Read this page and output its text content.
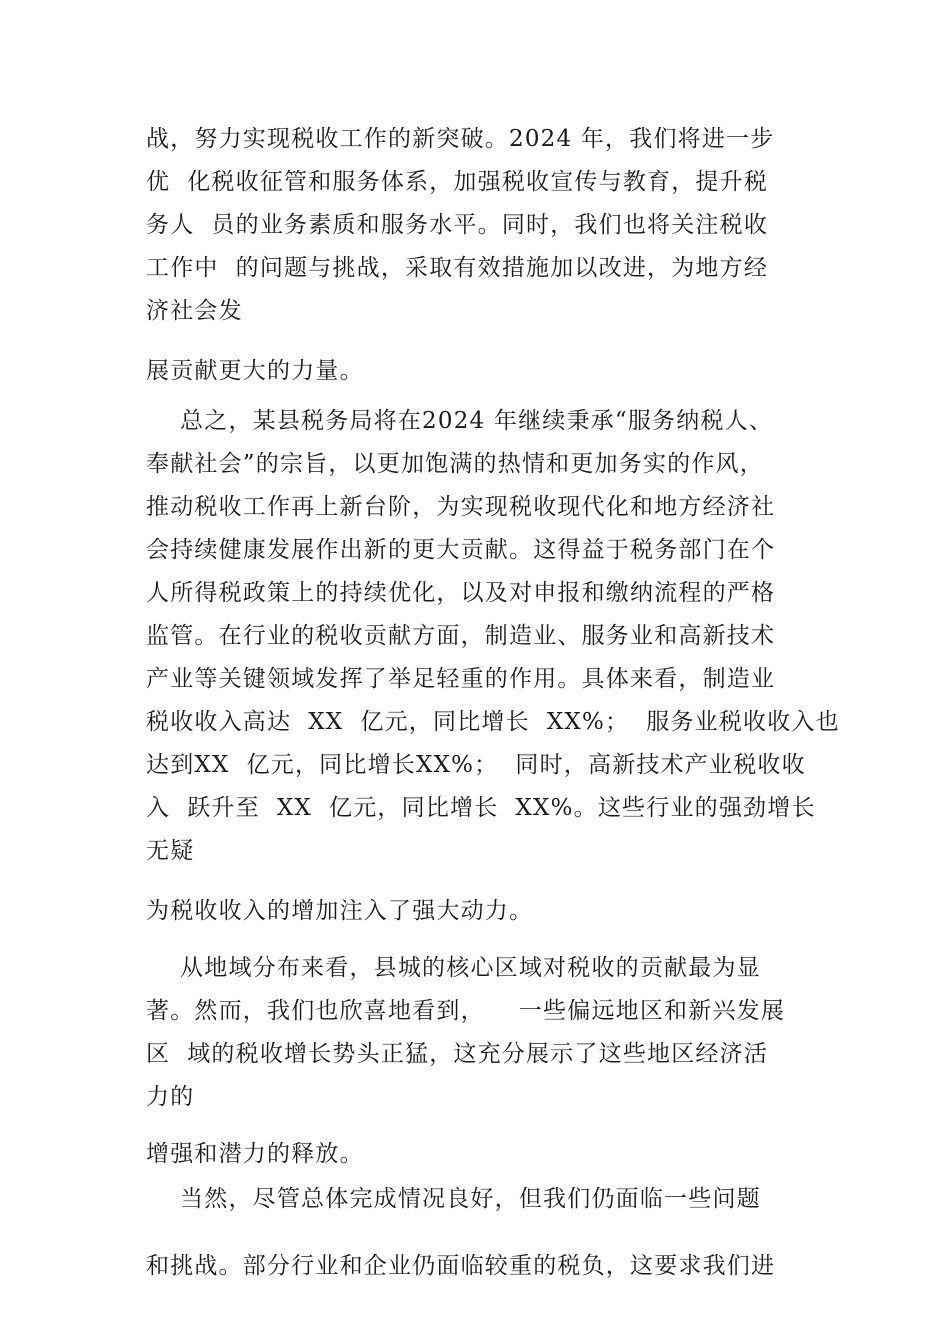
战，努力实现税收工作的新突破。2024 年，我们将进一步
优  化税收征管和服务体系，加强税收宣传与教育，提升税
务人  员的业务素质和服务水平。同时，我们也将关注税收
工作中  的问题与挑战，采取有效措施加以改进，为地方经
济社会发
展贡献更大的力量。
总之，某县税务局将在2024 年继续秉承“服务纳税人、
奉献社会”的宗旨，以更加饱满的热情和更加务实的作风，
推动税收工作再上新台阶，为实现税收现代化和地方经济社
会持续健康发展作出新的更大贡献。这得益于税务部门在个
人所得税政策上的持续优化，以及对申报和缴纳流程的严格
监管。在行业的税收贡献方面，制造业、服务业和高新技术
产业等关键领域发挥了举足轻重的作用。具体来看，制造业
税收收入高达  XX  亿元，同比增长  XX%；  服务业税收收入也
达到XX  亿元，同比增长XX%；  同时，高新技术产业税收收
入  跃升至  XX  亿元，同比增长  XX%。这些行业的强劲增长
无疑
为税收收入的增加注入了强大动力。
从地域分布来看，县城的核心区域对税收的贡献最为显
著。然而，我们也欣喜地看到，    一些偏远地区和新兴发展
区  域的税收增长势头正猛，这充分展示了这些地区经济活
力的
增强和潜力的释放。
当然，尽管总体完成情况良好，但我们仍面临一些问题
和挑战。部分行业和企业仍面临较重的税负，这要求我们进
